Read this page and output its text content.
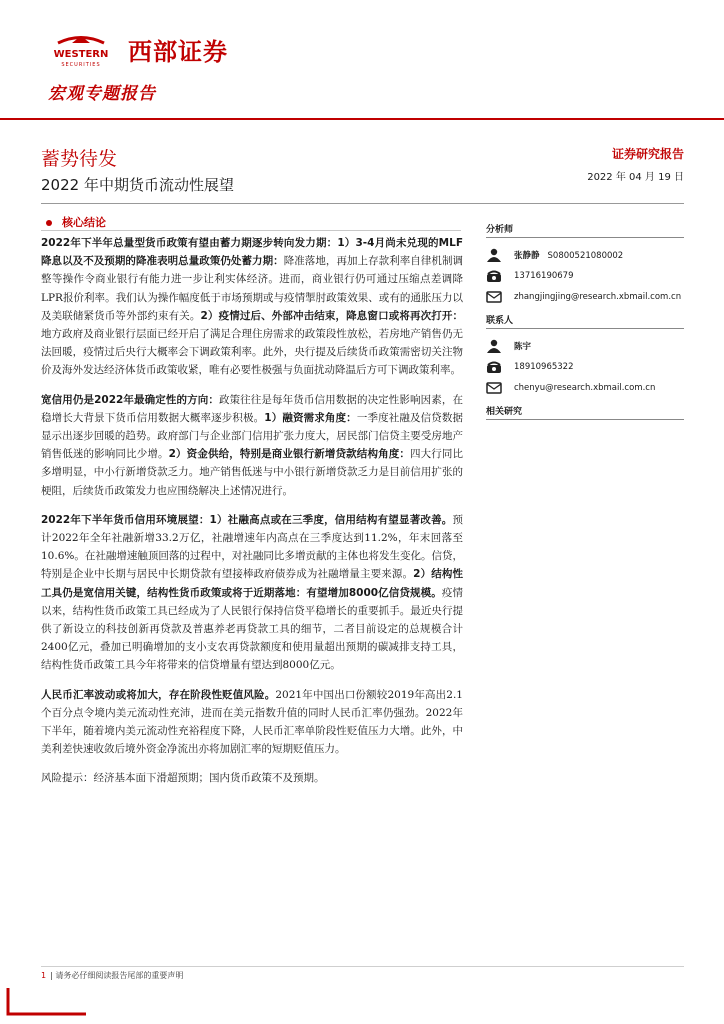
WESTERN
SECURITIES 西部证券
宏观专题报告
蓄势待发
2022 年中期货币流动性展望
证券研究报告
2022 年 04 月 19 日
核心结论

2022年下半年总量型货币政策有望由蓄力期逐步转向发力期：1）3-4月尚未兑现的MLF降息以及不及预期的降准表明总量政策仍处蓄力期：降准落地，再加上存款利率自律机制调整等操作令商业银行有能力进一步让利实体经济。进而，商业银行仍可通过压缩点差调降LPR报价利率。我们认为操作幅度低于市场预期或与疫情掣肘政策效果、或有的通胀压力以及美联储紧货币等外部约束有关。2）疫情过后、外部冲击结束，降息窗口或将再次打开：地方政府及商业银行层面已经开启了满足合理住房需求的政策段性放松，若房地产销售仍无法回暖，疫情过后央行大概率会下调政策利率。此外，央行提及后续货币政策需密切关注物价及海外发达经济体货币政策收紧，唯有必要性极强与负面扰动降温后方可下调政策利率。

宽信用仍是2022年最确定性的方向：政策往往是每年货币信用数据的决定性影响因素，在稳增长大背景下货币信用数据大概率逐步积极。1）融资需求角度：一季度社融及信贷数据显示出逐步回暖的趋势。政府部门与企业部门信用扩张力度大，居民部门信贷主要受房地产销售低迷的影响同比少增。2）资金供给，特别是商业银行新增贷款结构角度：四大行同比多增明显，中小行新增贷款乏力。地产销售低迷与中小银行新增贷款乏力是目前信用扩张的梗阻，后续货币政策发力也应围绕解决上述情况进行。

2022年下半年货币信用环境展望：1）社融高点或在三季度，信用结构有望显著改善。预计2022年全年社融新增33.2万亿，社融增速年内高点在三季度达到11.2%，年末回落至10.6%。在社融增速触顶回落的过程中，对社融同比多增贡献的主体也将发生变化。信贷，特别是企业中长期与居民中长期贷款有望接棒政府债券成为社融增量主要来源。2）结构性工具仍是宽信用关键，结构性货币政策或将于近期落地：有望增加8000亿信贷规模。疫情以来，结构性货币政策工具已经成为了人民银行保持信贷平稳增长的重要抓手。最近央行提供了新设立的科技创新再贷款及普惠养老再贷款工具的细节，二者目前设定的总规模合计2400亿元，叠加已明确增加的支小支农再贷款额度和使用量超出预期的碳减排支持工具，结构性货币政策工具今年将带来的信贷增量有望达到8000亿元。

人民币汇率波动或将加大，存在阶段性贬值风险。2021年中国出口份额较2019年高出2.1个百分点令境内美元流动性充沛，进而在美元指数升值的同时人民币汇率仍强劲。2022年下半年，随着境内美元流动性充裕程度下降，人民币汇率单阶段性贬值压力大增。此外，中美利差快速收敛后境外资金净流出亦将加剧汇率的短期贬值压力。

风险提示：经济基本面下滑超预期；国内货币政策不及预期。

分析师
张静静 S0800521080002
13716190679
zhangjingjing@research.xbmail.com.cn
联系人
陈宇
18910965322
chenyu@research.xbmail.com.cn
相关研究
1 | 请务必仔细阅读报告尾部的重要声明
